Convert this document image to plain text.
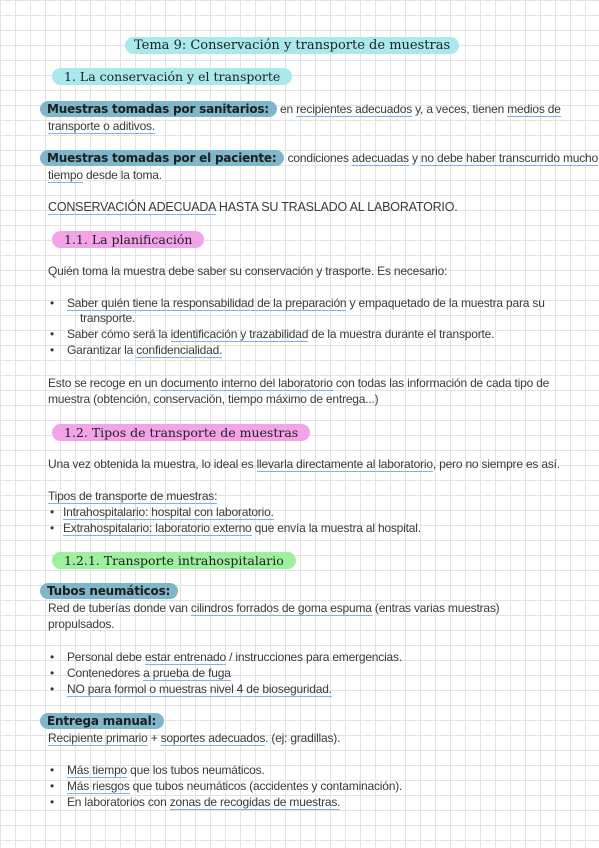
Tema 9: Conservación y transporte de muestras
1. La conservación y el transporte
Muestras tomadas por sanitarios: en recipientes adecuados y, a veces, tienen medios de
transporte o aditivos.
Muestras tomadas por el paciente: condiciones adecuadas y no debe haber transcurrido mucho
tiempo desde la toma.
CONSERVACIÓN ADECUADA HASTA SU TRASLADO AL LABORATORIO.
1.1. La planificación
Quién toma la muestra debe saber su conservación y trasporte. Es necesario:
• Saber quién tiene la responsabilidad de la preparación y empaquetado de la muestra para su
transporte.
• Saber cómo será la identificación y trazabilidad de la muestra durante el transporte.
• Garantizar la confidencialidad.
Esto se recoge en un documento interno del laboratorio con todas las información de cada tipo de
muestra (obtención, conservación, tiempo máximo de entrega...)
1.2. Tipos de transporte de muestras
Una vez obtenida la muestra, lo ideal es llevarla directamente al laboratorio, pero no siempre es así.
Tipos de transporte de muestras:
• Intrahospitalario: hospital con laboratorio.
• Extrahospitalario: laboratorio externo que envía la muestra al hospital.
1.2.1. Transporte intrahospitalario
Tubos neumáticos:
Red de tuberías donde van cilindros forrados de goma espuma (entras varias muestras)
propulsados.
• Personal debe estar entrenado / instrucciones para emergencias.
• Contenedores a prueba de fuga
• NO para formol o muestras nivel 4 de bioseguridad.
Entrega manual:
Recipiente primario + soportes adecuados. (ej: gradillas).
• Más tiempo que los tubos neumáticos.
• Más riesgos que tubos neumáticos (accidentes y contaminación).
• En laboratorios con zonas de recogidas de muestras.
